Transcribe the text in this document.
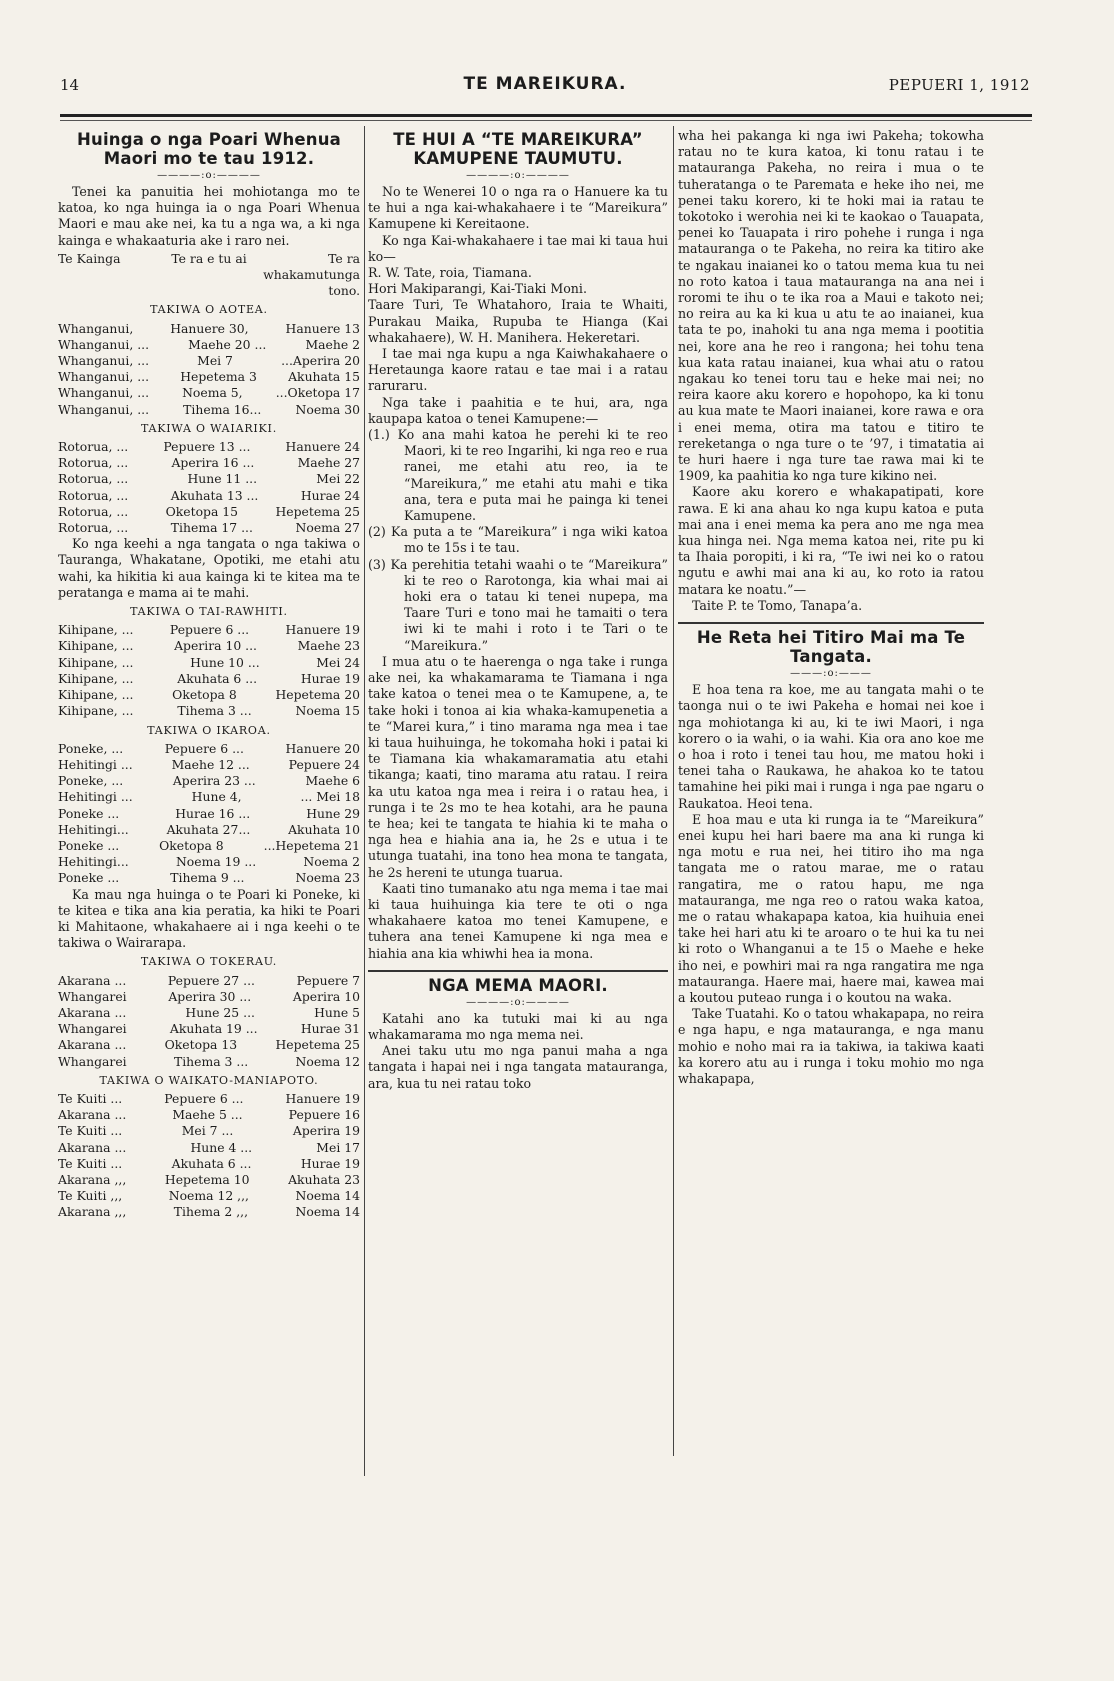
14	TE MAREIKURA.	PEPUERI 1, 1912
Huinga o nga Poari Whenua Maori mo te tau 1912.
————:o:————

Tenei ka panuitia hei mohiotanga mo te katoa, ko nga huinga ia o nga Poari Whenua Maori e mau ake nei, ka tu a nga wa, a ki nga kainga e whakaaturia ake i raro nei.

Te Kainga	Te ra e tu ai	Te ra whakamutunga tono.
TAKIWA O AOTEA.
Whanganui,	Hanuere 30,	Hanuere 13
Whanganui, ...	Maehe 20 ...	Maehe 2
Whanganui, ...	Mei 7	...Aperira 20
Whanganui, ...	Hepetema 3	Akuhata 15
Whanganui, ...	Noema 5,	...Oketopa 17
Whanganui, ...	Tihema 16...	Noema 30
TAKIWA O WAIARIKI.
Rotorua, ...	Pepuere 13 ...	Hanuere 24
Rotorua, ...	Aperira 16 ...	Maehe 27
Rotorua, ...	Hune 11 ...	Mei 22
Rotorua, ...	Akuhata 13 ...	Hurae 24
Rotorua, ...	Oketopa 15	Hepetema 25
Rotorua, ...	Tihema 17 ...	Noema 27

Ko nga keehi a nga tangata o nga takiwa o Tauranga, Whakatane, Opotiki, me etahi atu wahi, ka hikitia ki aua kainga ki te kitea ma te peratanga e mama ai te mahi.

TAKIWA O TAI-RAWHITI.
Kihipane, ...	Pepuere 6 ...	Hanuere 19
Kihipane, ...	Aperira 10 ...	Maehe 23
Kihipane, ...	Hune 10 ...	Mei 24
Kihipane, ...	Akuhata 6 ...	Hurae 19
Kihipane, ...	Oketopa 8	Hepetema 20
Kihipane, ...	Tihema 3 ...	Noema 15
TAKIWA O IKAROA.
Poneke, ...	Pepuere 6 ...	Hanuere 20
Hehitingi ...	Maehe 12 ...	Pepuere 24
Poneke, ...	Aperira 23 ...	Maehe 6
Hehitingi ...	Hune 4,	... Mei 18
Poneke ...	Hurae 16 ...	Hune 29
Hehitingi...	Akuhata 27...	Akuhata 10
Poneke ...	Oketopa 8	...Hepetema 21
Hehitingi...	Noema 19 ...	Noema 2
Poneke ...	Tihema 9 ...	Noema 23

Ka mau nga huinga o te Poari ki Poneke, ki te kitea e tika ana kia peratia, ka hiki te Poari ki Mahitaone, whakahaere ai i nga keehi o te takiwa o Wairarapa.

TAKIWA O TOKERAU.
Akarana ...	Pepuere 27 ...	Pepuere 7
Whangarei	Aperira 30 ...	Aperira 10
Akarana ...	Hune 25 ...	Hune 5
Whangarei	Akuhata 19 ...	Hurae 31
Akarana ...	Oketopa 13	Hepetema 25
Whangarei	Tihema 3 ...	Noema 12
TAKIWA O WAIKATO-MANIAPOTO.
Te Kuiti ...	Pepuere 6 ...	Hanuere 19
Akarana ...	Maehe 5 ...	Pepuere 16
Te Kuiti ...	Mei 7 ...	Aperira 19
Akarana ...	Hune 4 ...	Mei 17
Te Kuiti ...	Akuhata 6 ...	Hurae 19
Akarana ,,,	Hepetema 10	Akuhata 23
Te Kuiti ,,,	Noema 12 ,,,	Noema 14
Akarana ,,,	Tihema 2 ,,,	Noema 14
TE HUI A “TE MAREIKURA” KAMUPENE TAUMUTU.
————:o:————

No te Wenerei 10 o nga ra o Hanuere ka tu te hui a nga kai-whakahaere i te “Mareikura” Kamupene ki Kereitaone.

Ko nga Kai-whakahaere i tae mai ki taua hui ko—

R. W. Tate, roia, Tiamana.

Hori Makiparangi, Kai-Tiaki Moni.

Taare Turi, Te Whatahoro, Iraia te Whaiti, Purakau Maika, Rupuba te Hianga (Kai whakahaere), W. H. Manihera. Hekeretari.

I tae mai nga kupu a nga Kaiwhakahaere o Heretaunga kaore ratau e tae mai i a ratau raruraru.

Nga take i paahitia e te hui, ara, nga kaupapa katoa o tenei Kamupene:—

(1.) Ko ana mahi katoa he perehi ki te reo Maori, ki te reo Ingarihi, ki nga reo e rua ranei, me etahi atu reo, ia te “Mareikura,” me etahi atu mahi e tika ana, tera e puta mai he painga ki tenei Kamupene.

(2) Ka puta a te “Mareikura” i nga wiki katoa mo te 15s i te tau.

(3) Ka perehitia tetahi waahi o te “Mareikura” ki te reo o Rarotonga, kia whai mai ai hoki era o tatau ki tenei nupepa, ma Taare Turi e tono mai he tamaiti o tera iwi ki te mahi i roto i te Tari o te “Mareikura.”

I mua atu o te haerenga o nga take i runga ake nei, ka whakamarama te Tiamana i nga take katoa o tenei mea o te Kamupene, a, te take hoki i tonoa ai kia whaka-kamupenetia a te “Marei kura,” i tino marama nga mea i tae ki taua huihuinga, he tokomaha hoki i patai ki te Tiamana kia whakamaramatia atu etahi tikanga; kaati, tino marama atu ratau. I reira ka utu katoa nga mea i reira i o ratau hea, i runga i te 2s mo te hea kotahi, ara he pauna te hea; kei te tangata te hiahia ki te maha o nga hea e hiahia ana ia, he 2s e utua i te utunga tuatahi, ina tono hea mona te tangata, he 2s hereni te utunga tuarua.

Kaati tino tumanako atu nga mema i tae mai ki taua huihuinga kia tere te oti o nga whakahaere katoa mo tenei Kamupene, e tuhera ana tenei Kamupene ki nga mea e hiahia ana kia whiwhi hea ia mona.

NGA MEMA MAORI.
————:o:————

Katahi ano ka tutuki mai ki au nga whakamarama mo nga mema nei.

Anei taku utu mo nga panui maha a nga tangata i hapai nei i nga tangata matauranga, ara, kua tu nei ratau toko

wha hei pakanga ki nga iwi Pakeha; tokowha ratau no te kura katoa, ki tonu ratau i te matauranga Pakeha, no reira i mua o te tuheratanga o te Paremata e heke iho nei, me penei taku korero, ki te hoki mai ia ratau te tokotoko i werohia nei ki te kaokao o Tauapata, penei ko Tauapata i riro pohehe i runga i nga matauranga o te Pakeha, no reira ka titiro ake te ngakau inaianei ko o tatou mema kua tu nei no roto katoa i taua matauranga na ana nei i roromi te ihu o te ika roa a Maui e takoto nei; no reira au ka ki kua u atu te ao inaianei, kua tata te po, inahoki tu ana nga mema i pootitia nei, kore ana he reo i rangona; hei tohu tena kua kata ratau inaianei, kua whai atu o ratou ngakau ko tenei toru tau e heke mai nei; no reira kaore aku korero e hopohopo, ka ki tonu au kua mate te Maori inaianei, kore rawa e ora i enei mema, otira ma tatou e titiro te rereketanga o nga ture o te ’97, i timatatia ai te huri haere i nga ture tae rawa mai ki te 1909, ka paahitia ko nga ture kikino nei.

Kaore aku korero e whakapatipati, kore rawa. E ki ana ahau ko nga kupu katoa e puta mai ana i enei mema ka pera ano me nga mea kua hinga nei. Nga mema katoa nei, rite pu ki ta Ihaia poropiti, i ki ra, “Te iwi nei ko o ratou ngutu e awhi mai ana ki au, ko roto ia ratou matara ke noatu.”—

Taite P. te Tomo, Tanapa’a.

He Reta hei Titiro Mai ma Te Tangata.
———:o:———

E hoa tena ra koe, me au tangata mahi o te taonga nui o te iwi Pakeha e homai nei koe i nga mohiotanga ki au, ki te iwi Maori, i nga korero o ia wahi, o ia wahi. Kia ora ano koe me o hoa i roto i tenei tau hou, me matou hoki i tenei taha o Raukawa, he ahakoa ko te tatou tamahine hei piki mai i runga i nga pae ngaru o Raukatoa. Heoi tena.

E hoa mau e uta ki runga ia te “Mareikura” enei kupu hei hari baere ma ana ki runga ki nga motu e rua nei, hei titiro iho ma nga tangata me o ratou marae, me o ratau rangatira, me o ratou hapu, me nga matauranga, me nga reo o ratou waka katoa, me o ratau whakapapa katoa, kia huihuia enei take hei hari atu ki te aroaro o te hui ka tu nei ki roto o Whanganui a te 15 o Maehe e heke iho nei, e powhiri mai ra nga rangatira me nga matauranga. Haere mai, haere mai, kawea mai a koutou puteao runga i o koutou na waka.

Take Tuatahi. Ko o tatou whakapapa, no reira e nga hapu, e nga matauranga, e nga manu mohio e noho mai ra ia takiwa, ia takiwa kaati ka korero atu au i runga i toku mohio mo nga whakapapa,
